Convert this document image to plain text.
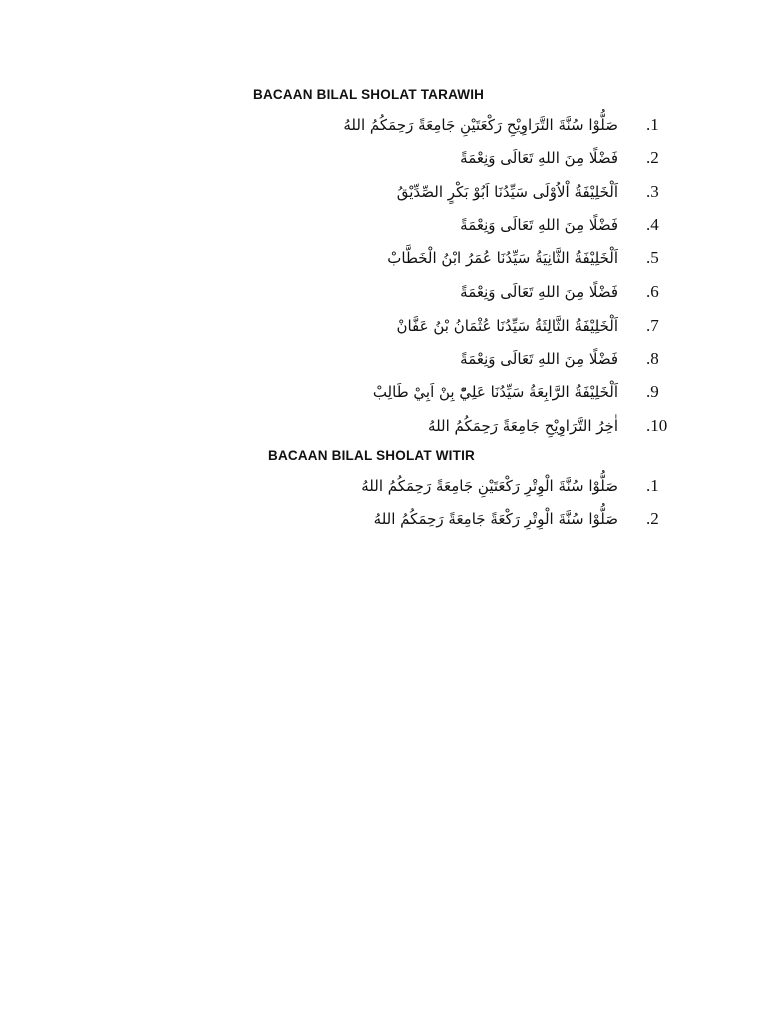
BACAAN BILAL SHOLAT TARAWIH
صَلُّوْا سُنَّةَ التَّرَاوِيْحِ رَكْعَتَيْنِ جَامِعَةً رَحِمَكُمُ اللهُ .1
فَضْلًا مِنَ اللهِ تَعَالَى وَنِعْمَةً .2
اَلْخَلِيْفَةُ اْلاُوْلَى سَيِّدُنَا اَبُوْ بَكْرٍ الصِّدِّيْقُ .3
فَضْلًا مِنَ اللهِ تَعَالَى وَنِعْمَةً .4
اَلْخَلِيْفَةُ الثَّانِيَةُ سَيِّدُنَا عُمَرُ ابْنُ الْخَطَّابْ .5
فَضْلًا مِنَ اللهِ تَعَالَى وَنِعْمَةً .6
اَلْخَلِيْفَةُ الثَّالِثَةُ سَيِّدُنَا عُثْمَانُ بْنُ عَفَّانْ .7
فَضْلًا مِنَ اللهِ تَعَالَى وَنِعْمَةً .8
اَلْخَلِيْفَةُ الرَّابِعَةُ سَيِّدُنَا عَلِيّْ بِنْ اَبِيْ طَالِبْ .9
اٰخِرُ التَّرَاوِيْحِ جَامِعَةً رَحِمَكُمُ اللهُ .10
BACAAN BILAL SHOLAT WITIR
صَلُّوْا سُنَّةَ الْوِتْرِ رَكْعَتَيْنِ جَامِعَةً رَحِمَكُمُ اللهُ .1
صَلُّوْا سُنَّةَ الْوِتْرِ رَكْعَةً جَامِعَةً رَحِمَكُمُ اللهُ .2
